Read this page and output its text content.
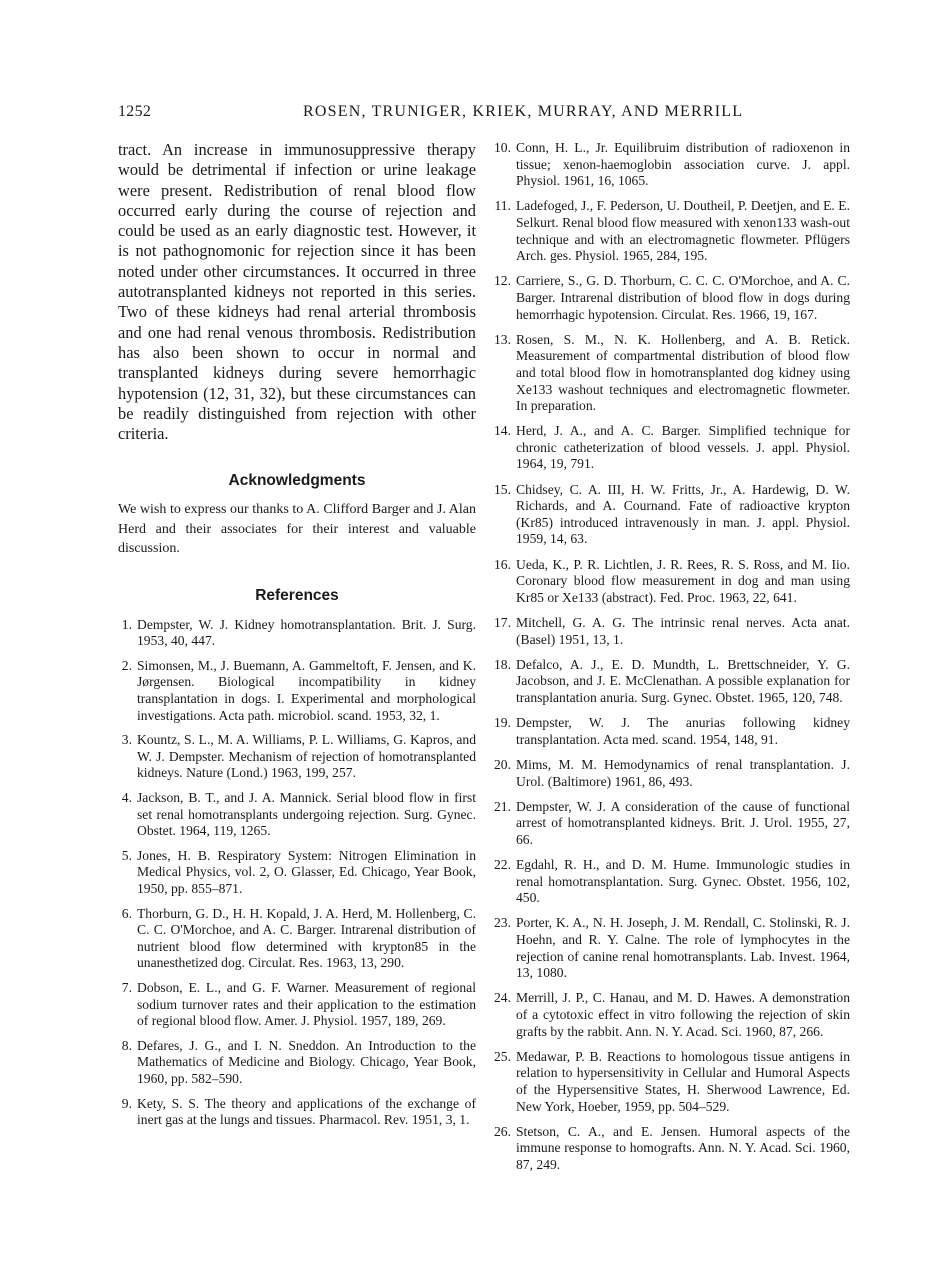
1252	ROSEN, TRUNIGER, KRIEK, MURRAY, AND MERRILL

tract. An increase in immunosuppressive therapy would be detrimental if infection or urine leakage were present. Redistribution of renal blood flow occurred early during the course of rejection and could be used as an early diagnostic test. However, it is not pathognomonic for rejection since it has been noted under other circumstances. It occurred in three autotransplanted kidneys not reported in this series. Two of these kidneys had renal arterial thrombosis and one had renal venous thrombosis. Redistribution has also been shown to occur in normal and transplanted kidneys during severe hemorrhagic hypotension (12, 31, 32), but these circumstances can be readily distinguished from rejection with other criteria.

Acknowledgments

We wish to express our thanks to A. Clifford Barger and J. Alan Herd and their associates for their interest and valuable discussion.

References
1. Dempster, W. J. Kidney homotransplantation. Brit. J. Surg. 1953, 40, 447.
2. Simonsen, M., J. Buemann, A. Gammeltoft, F. Jensen, and K. Jørgensen. Biological incompatibility in kidney transplantation in dogs. I. Experimental and morphological investigations. Acta path. microbiol. scand. 1953, 32, 1.
3. Kountz, S. L., M. A. Williams, P. L. Williams, G. Kapros, and W. J. Dempster. Mechanism of rejection of homotransplanted kidneys. Nature (Lond.) 1963, 199, 257.
4. Jackson, B. T., and J. A. Mannick. Serial blood flow in first set renal homotransplants undergoing rejection. Surg. Gynec. Obstet. 1964, 119, 1265.
5. Jones, H. B. Respiratory System: Nitrogen Elimination in Medical Physics, vol. 2, O. Glasser, Ed. Chicago, Year Book, 1950, pp. 855–871.
6. Thorburn, G. D., H. H. Kopald, J. A. Herd, M. Hollenberg, C. C. C. O'Morchoe, and A. C. Barger. Intrarenal distribution of nutrient blood flow determined with krypton85 in the unanesthetized dog. Circulat. Res. 1963, 13, 290.
7. Dobson, E. L., and G. F. Warner. Measurement of regional sodium turnover rates and their application to the estimation of regional blood flow. Amer. J. Physiol. 1957, 189, 269.
8. Defares, J. G., and I. N. Sneddon. An Introduction to the Mathematics of Medicine and Biology. Chicago, Year Book, 1960, pp. 582–590.
9. Kety, S. S. The theory and applications of the exchange of inert gas at the lungs and tissues. Pharmacol. Rev. 1951, 3, 1.
10. Conn, H. L., Jr. Equilibruim distribution of radioxenon in tissue; xenon-haemoglobin association curve. J. appl. Physiol. 1961, 16, 1065.
11. Ladefoged, J., F. Pederson, U. Doutheil, P. Deetjen, and E. E. Selkurt. Renal blood flow measured with xenon133 wash-out technique and with an electromagnetic flowmeter. Pflügers Arch. ges. Physiol. 1965, 284, 195.
12. Carriere, S., G. D. Thorburn, C. C. C. O'Morchoe, and A. C. Barger. Intrarenal distribution of blood flow in dogs during hemorrhagic hypotension. Circulat. Res. 1966, 19, 167.
13. Rosen, S. M., N. K. Hollenberg, and A. B. Retick. Measurement of compartmental distribution of blood flow and total blood flow in homotransplanted dog kidney using Xe133 washout techniques and electromagnetic flowmeter. In preparation.
14. Herd, J. A., and A. C. Barger. Simplified technique for chronic catheterization of blood vessels. J. appl. Physiol. 1964, 19, 791.
15. Chidsey, C. A. III, H. W. Fritts, Jr., A. Hardewig, D. W. Richards, and A. Cournand. Fate of radioactive krypton (Kr85) introduced intravenously in man. J. appl. Physiol. 1959, 14, 63.
16. Ueda, K., P. R. Lichtlen, J. R. Rees, R. S. Ross, and M. Iio. Coronary blood flow measurement in dog and man using Kr85 or Xe133 (abstract). Fed. Proc. 1963, 22, 641.
17. Mitchell, G. A. G. The intrinsic renal nerves. Acta anat. (Basel) 1951, 13, 1.
18. Defalco, A. J., E. D. Mundth, L. Brettschneider, Y. G. Jacobson, and J. E. McClenathan. A possible explanation for transplantation anuria. Surg. Gynec. Obstet. 1965, 120, 748.
19. Dempster, W. J. The anurias following kidney transplantation. Acta med. scand. 1954, 148, 91.
20. Mims, M. M. Hemodynamics of renal transplantation. J. Urol. (Baltimore) 1961, 86, 493.
21. Dempster, W. J. A consideration of the cause of functional arrest of homotransplanted kidneys. Brit. J. Urol. 1955, 27, 66.
22. Egdahl, R. H., and D. M. Hume. Immunologic studies in renal homotransplantation. Surg. Gynec. Obstet. 1956, 102, 450.
23. Porter, K. A., N. H. Joseph, J. M. Rendall, C. Stolinski, R. J. Hoehn, and R. Y. Calne. The role of lymphocytes in the rejection of canine renal homotransplants. Lab. Invest. 1964, 13, 1080.
24. Merrill, J. P., C. Hanau, and M. D. Hawes. A demonstration of a cytotoxic effect in vitro following the rejection of skin grafts by the rabbit. Ann. N. Y. Acad. Sci. 1960, 87, 266.
25. Medawar, P. B. Reactions to homologous tissue antigens in relation to hypersensitivity in Cellular and Humoral Aspects of the Hypersensitive States, H. Sherwood Lawrence, Ed. New York, Hoeber, 1959, pp. 504–529.
26. Stetson, C. A., and E. Jensen. Humoral aspects of the immune response to homografts. Ann. N. Y. Acad. Sci. 1960, 87, 249.
